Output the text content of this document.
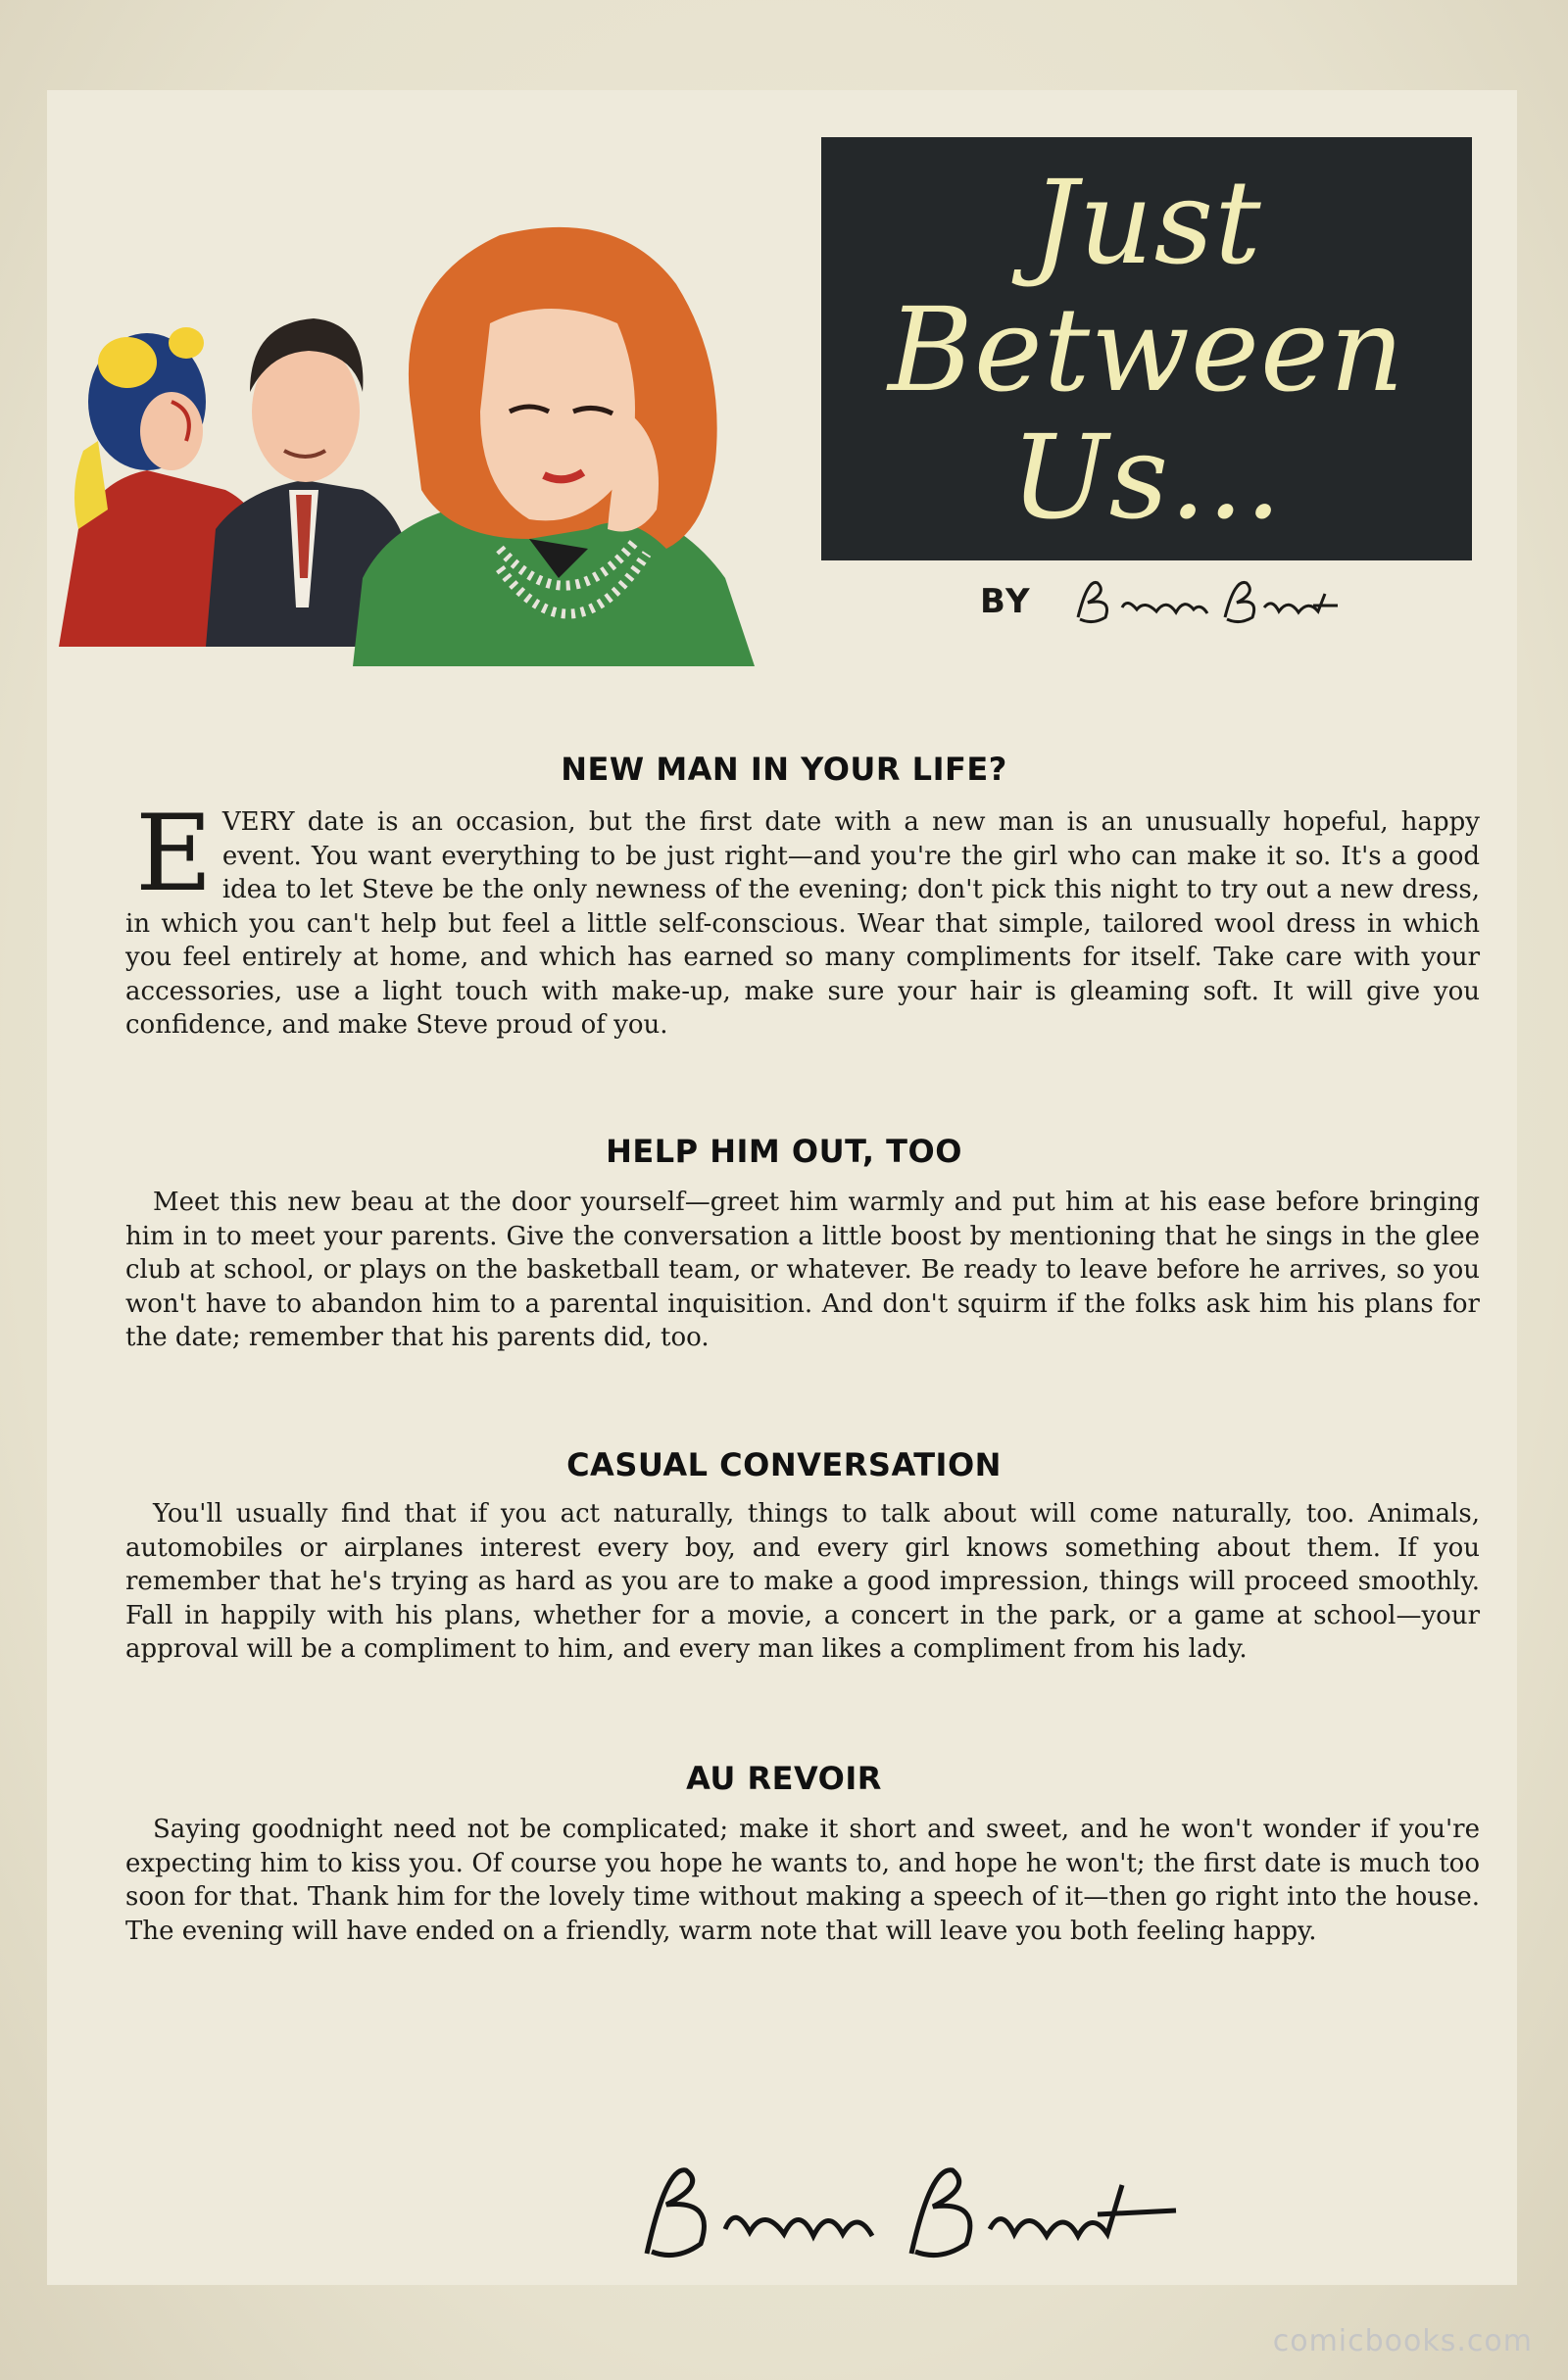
Just
Between
Us...
BY
NEW MAN IN YOUR LIFE?
E VERY date is an occasion, but the first date with a new man is an unusually hopeful, happy event. You want everything to be just right—and you're the girl who can make it so. It's a good idea to let Steve be the only newness of the evening; don't pick this night to try out a new dress, in which you can't help but feel a little self-conscious. Wear that simple, tailored wool dress in which you feel entirely at home, and which has earned so many compliments for itself. Take care with your accessories, use a light touch with make-up, make sure your hair is gleaming soft. It will give you confidence, and make Steve proud of you.
HELP HIM OUT, TOO

Meet this new beau at the door yourself—greet him warmly and put him at his ease before bringing him in to meet your parents. Give the conversation a little boost by mentioning that he sings in the glee club at school, or plays on the basketball team, or whatever. Be ready to leave before he arrives, so you won't have to abandon him to a parental inquisition. And don't squirm if the folks ask him his plans for the date; remember that his parents did, too.

CASUAL CONVERSATION

You'll usually find that if you act naturally, things to talk about will come naturally, too. Animals, automobiles or airplanes interest every boy, and every girl knows something about them. If you remember that he's trying as hard as you are to make a good impression, things will proceed smoothly. Fall in happily with his plans, whether for a movie, a concert in the park, or a game at school—your approval will be a compliment to him, and every man likes a compliment from his lady.

AU REVOIR

Saying goodnight need not be complicated; make it short and sweet, and he won't wonder if you're expecting him to kiss you. Of course you hope he wants to, and hope he won't; the first date is much too soon for that. Thank him for the lovely time without making a speech of it—then go right into the house. The evening will have ended on a friendly, warm note that will leave you both feeling happy.

comicbooks.com
